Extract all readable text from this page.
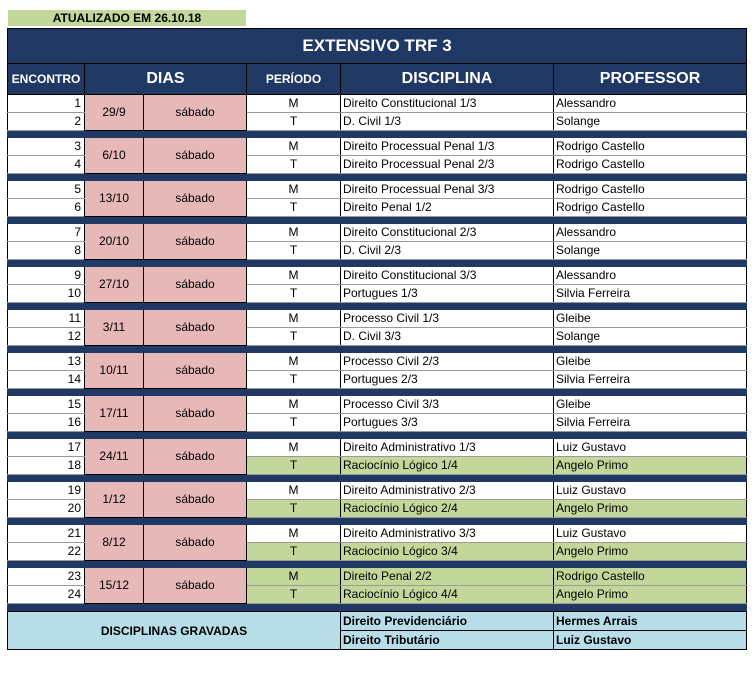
ATUALIZADO EM 26.10.18
EXTENSIVO TRF 3					
ENCONTRO	DIAS		PERÍODO	DISCIPLINA	PROFESSOR
1	29/9	sábado	M	Direito Constitucional 1/3	Alessandro
2			T	D. Civil 1/3	Solange

3	6/10	sábado	M	Direito Processual Penal 1/3	Rodrigo Castello
4			T	Direito Processual Penal 2/3	Rodrigo Castello

5	13/10	sábado	M	Direito Processual Penal 3/3	Rodrigo Castello
6			T	Direito Penal 1/2	Rodrigo Castello

7	20/10	sábado	M	Direito Constitucional 2/3	Alessandro
8			T	D. Civil 2/3	Solange

9	27/10	sábado	M	Direito Constitucional 3/3	Alessandro
10			T	Portugues 1/3	Silvia Ferreira

11	3/11	sábado	M	Processo Civil 1/3	Gleibe
12			T	D. Civil 3/3	Solange

13	10/11	sábado	M	Processo Civil 2/3	Gleibe
14			T	Portugues 2/3	Silvia Ferreira

15	17/11	sábado	M	Processo Civil 3/3	Gleibe
16			T	Portugues 3/3	Silvia Ferreira

17	24/11	sábado	M	Direito Administrativo 1/3	Luiz Gustavo
18			T	Raciocínio Lógico 1/4	Angelo Primo

19	1/12	sábado	M	Direito Administrativo 2/3	Luiz Gustavo
20			T	Raciocínio Lógico 2/4	Angelo Primo

21	8/12	sábado	M	Direito Administrativo 3/3	Luiz Gustavo
22			T	Raciocínio Lógico 3/4	Angelo Primo

23	15/12	sábado	M	Direito Penal 2/2	Rodrigo Castello
24			T	Raciocínio Lógico 4/4	Angelo Primo

DISCIPLINAS GRAVADAS				Direito Previdenciário	Hermes Arrais
				Direito Tributário	Luiz Gustavo
